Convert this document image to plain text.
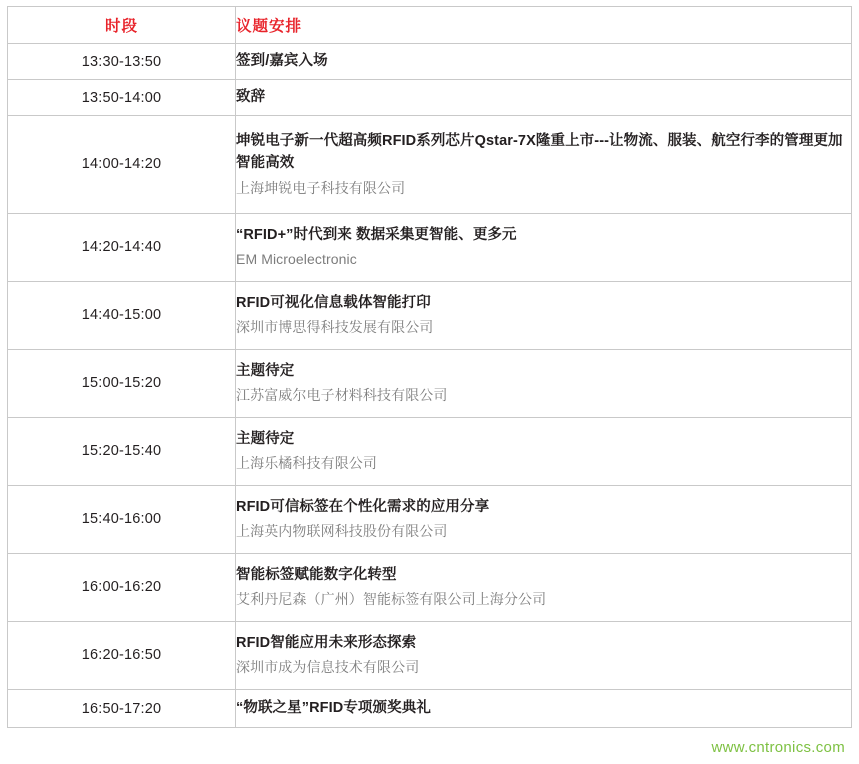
时段	议题安排
13:30-13:50	签到/嘉宾入场

13:50-14:00	致辞

14:00-14:20	坤锐电子新一代超高频RFID系列芯片Qstar-7X隆重上市---让物流、服装、航空行李的管理更加智能高效
上海坤锐电子科技有限公司

14:20-14:40	“RFID+”时代到来 数据采集更智能、更多元
EM Microelectronic

14:40-15:00	RFID可视化信息载体智能打印
深圳市博思得科技发展有限公司

15:00-15:20	主题待定
江苏富威尔电子材料科技有限公司

15:20-15:40	主题待定
上海乐橘科技有限公司

15:40-16:00	RFID可信标签在个性化需求的应用分享
上海英内物联网科技股份有限公司

16:00-16:20	智能标签赋能数字化转型
艾利丹尼森（广州）智能标签有限公司上海分公司

16:20-16:50	RFID智能应用未来形态探索
深圳市成为信息技术有限公司

16:50-17:20	“物联之星”RFID专项颁奖典礼
www.cntronics.com
